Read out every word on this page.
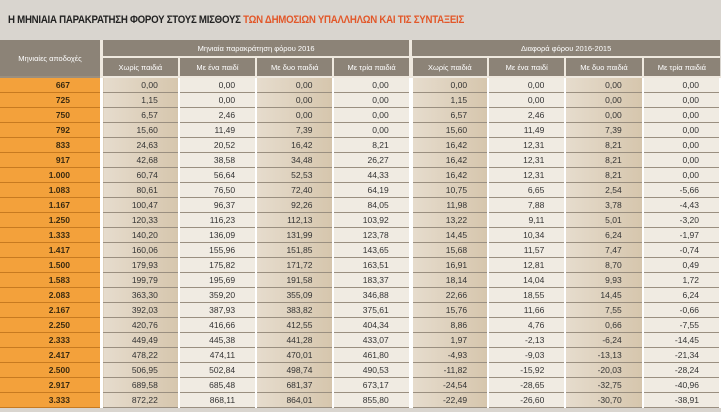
Η ΜΗΝΙΑΙΑ ΠΑΡΑΚΡΑΤΗΣΗ ΦΟΡΟΥ ΣΤΟΥΣ ΜΙΣΘΟΥΣ ΤΩΝ ΔΗΜΟΣΙΩΝ ΥΠΑΛΛΗΛΩΝ ΚΑΙ ΤΙΣ ΣΥΝΤΑΞΕΙΣ
Μηνιαίες αποδοχές	Μηνιαία παρακράτηση φόρου 2016				Διαφορά φόρου 2016-2015			
	Χωρίς παιδιά	Με ένα παιδί	Με δυο παιδιά	Με τρία παιδιά	Χωρίς παιδιά	Με ένα παιδί	Με δυο παιδιά	Με τρία παιδιά
667	0,00	0,00	0,00	0,00	0,00	0,00	0,00	0,00
725	1,15	0,00	0,00	0,00	1,15	0,00	0,00	0,00
750	6,57	2,46	0,00	0,00	6,57	2,46	0,00	0,00
792	15,60	11,49	7,39	0,00	15,60	11,49	7,39	0,00
833	24,63	20,52	16,42	8,21	16,42	12,31	8,21	0,00
917	42,68	38,58	34,48	26,27	16,42	12,31	8,21	0,00
1.000	60,74	56,64	52,53	44,33	16,42	12,31	8,21	0,00
1.083	80,61	76,50	72,40	64,19	10,75	6,65	2,54	-5,66
1.167	100,47	96,37	92,26	84,05	11,98	7,88	3,78	-4,43
1.250	120,33	116,23	112,13	103,92	13,22	9,11	5,01	-3,20
1.333	140,20	136,09	131,99	123,78	14,45	10,34	6,24	-1,97
1.417	160,06	155,96	151,85	143,65	15,68	11,57	7,47	-0,74
1.500	179,93	175,82	171,72	163,51	16,91	12,81	8,70	0,49
1.583	199,79	195,69	191,58	183,37	18,14	14,04	9,93	1,72
2.083	363,30	359,20	355,09	346,88	22,66	18,55	14,45	6,24
2.167	392,03	387,93	383,82	375,61	15,76	11,66	7,55	-0,66
2.250	420,76	416,66	412,55	404,34	8,86	4,76	0,66	-7,55
2.333	449,49	445,38	441,28	433,07	1,97	-2,13	-6,24	-14,45
2.417	478,22	474,11	470,01	461,80	-4,93	-9,03	-13,13	-21,34
2.500	506,95	502,84	498,74	490,53	-11,82	-15,92	-20,03	-28,24
2.917	689,58	685,48	681,37	673,17	-24,54	-28,65	-32,75	-40,96
3.333	872,22	868,11	864,01	855,80	-22,49	-26,60	-30,70	-38,91
